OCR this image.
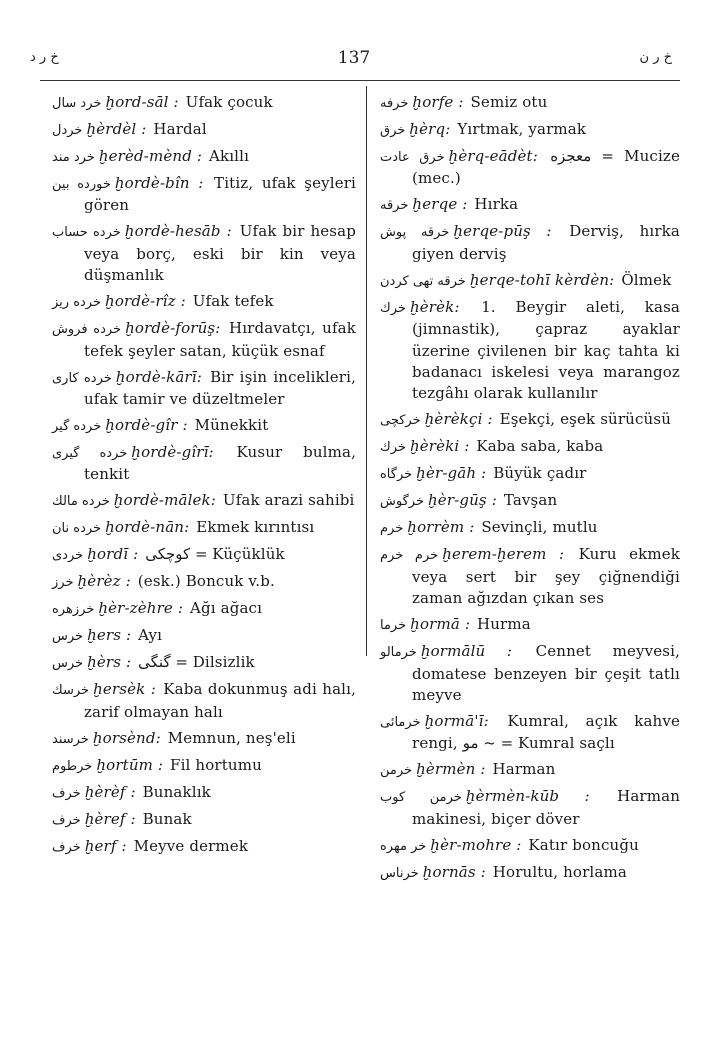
خ ر د	137	خ ر ن
خرد سال ḫord-sāl : Ufak çocuk
خردل ḫèrdèl : Hardal
خرد مند ḫerèd-mènd : Akıllı
خورده بين ḫordè-bîn : Titiz, ufak şeyleri gören
خرده حساب ḫordè-hesāb : Ufak bir hesap veya borç, eski bir kin veya düşmanlık
خرده ريز ḫordè-rîz : Ufak tefek
خرده فروش ḫordè-forūş: Hırdavatçı, ufak tefek şeyler satan, küçük esnaf
خرده كارى ḫordè-kārī: Bir işin incelikleri, ufak tamir ve düzeltmeler
خرده گير ḫordè-gîr : Münekkit
خرده گيرى ḫordè-gîrī: Kusur bulma, tenkit
خرده مالك ḫordè-mālek: Ufak arazi sahibi
خرده نان ḫordè-nān: Ekmek kırıntısı
خردى ḫordī : كوچكى = Küçüklük
خرز ḫèrèz : (esk.) Boncuk v.b.
خرزهره ḫèr-zèhre : Ağı ağacı
خرس ḫers : Ayı
خرس ḫèrs : گنگى = Dilsizlik
خرسك ḫersèk : Kaba dokunmuş adi halı, zarif olmayan halı
خرسند ḫorsènd: Memnun, neş'eli
خرطوم ḫortūm : Fil hortumu
خرف ḫèrèf : Bunaklık
خرف ḫèref : Bunak
خرف ḫerf : Meyve dermek
خرفه ḫorfe : Semiz otu
خرق ḫèrq: Yırtmak, yarmak
خرق عادت ḫèrq-eādèt: معجزه = Mucize (mec.)
خرقه ḫerqe : Hırka
خرقه پوش ḫerqe-pūş : Derviş, hırka giyen derviş
خرقه تهى كردن ḫerqe-tohī kèrdèn: Ölmek
خرك ḫèrèk: 1. Beygir aleti, kasa (jimnastik), çapraz ayaklar üzerine çivilenen bir kaç tahta ki badanacı iskelesi veya marangoz tezgâhı olarak kullanılır
خركچى ḫèrèkçi : Eşekçi, eşek sürücüsü
خرك ḫèrèki : Kaba saba, kaba
خرگاه ḫèr-gāh : Büyük çadır
خرگوش ḫèr-gūş : Tavşan
خرم ḫorrèm : Sevinçli, mutlu
خرم خرم ḫerem-ḫerem : Kuru ekmek veya sert bir şey çiğnendiği zaman ağızdan çıkan ses
خرما ḫormā : Hurma
خرمالو ḫormālū : Cennet meyvesi, domatese benzeyen bir çeşit tatlı meyve
خرمائى ḫormā'ī: Kumral, açık kahve rengi, مو ~ = Kumral saçlı
خرمن ḫèrmèn : Harman
خرمن كوب ḫèrmèn-kūb : Harman makinesi, biçer döver
خر مهره ḫèr-mohre : Katır boncuğu
خرناس ḫornās : Horultu, horlama
